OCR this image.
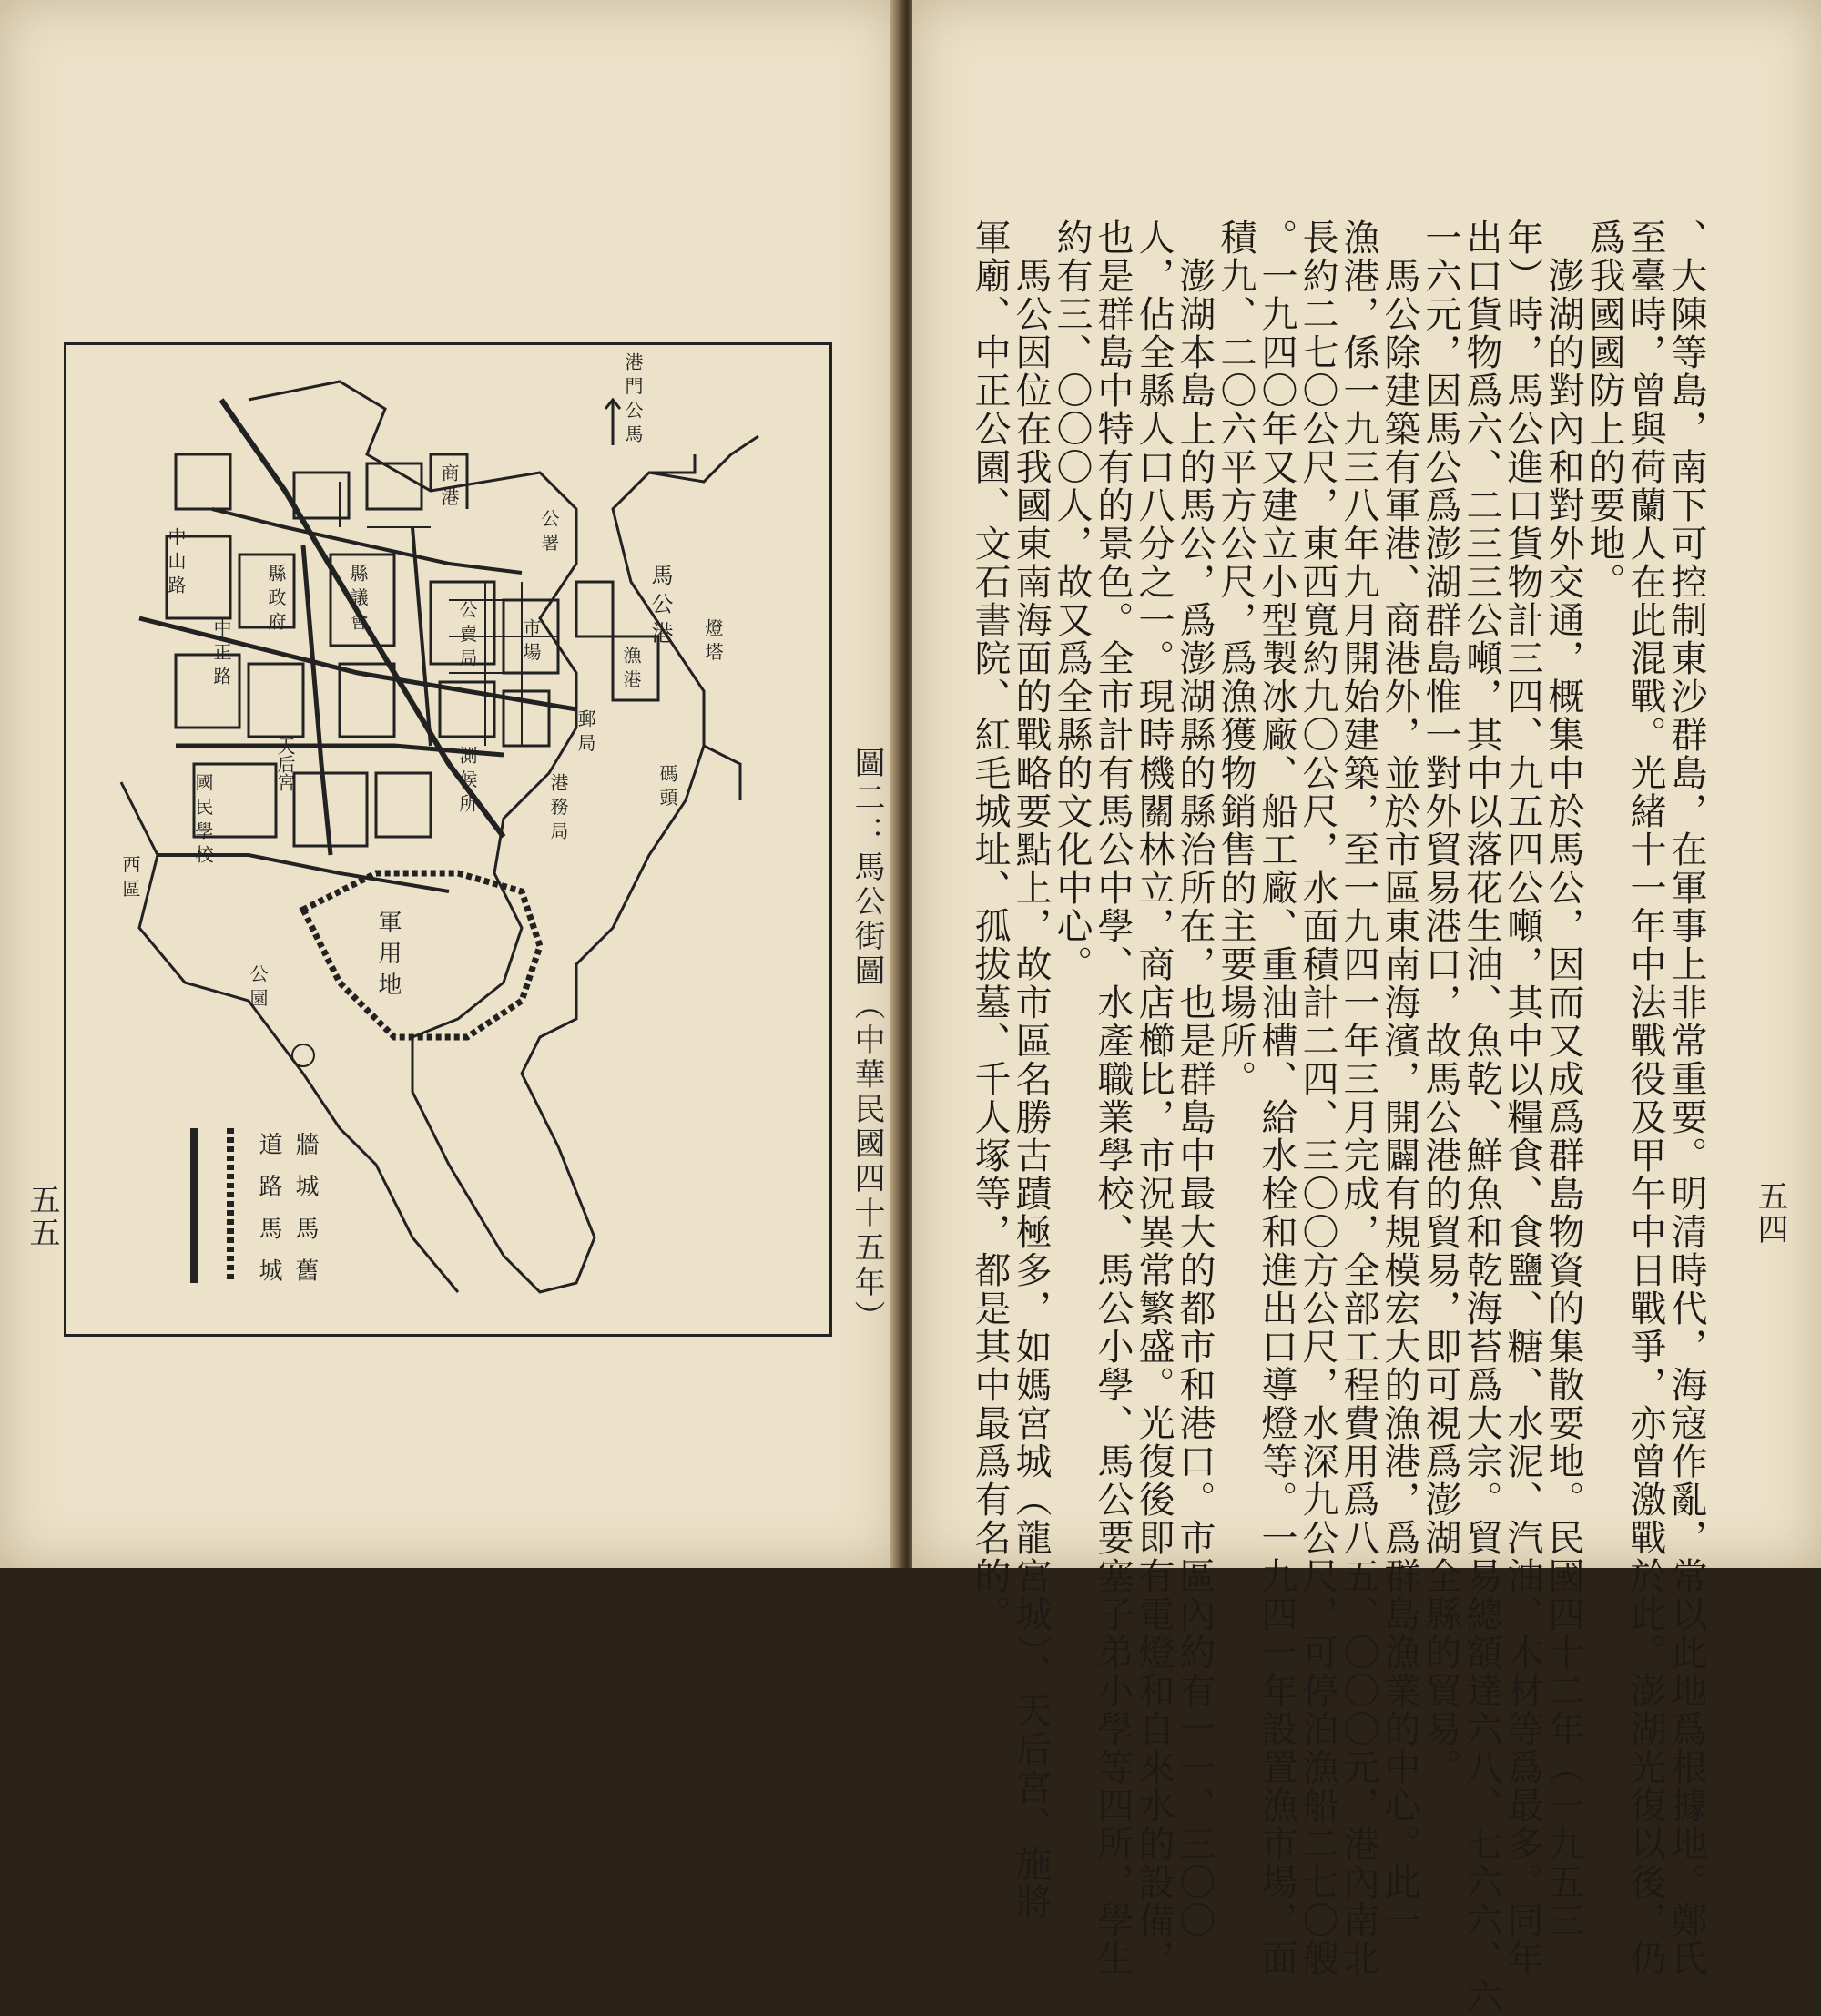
港 門 公 馬
公 署
軍 用 地
馬 公 港
天后宮
公 園
中 正 路
中 山 路
縣 政 府
公 賣 局
縣 議 會
郵 局
國 民 學 校
市 場
漁 港
測 候 所	碼 頭
燈 塔
港 務 局
商 港
西 區
道 路 馬 城 牆 城 馬 舊	圖二：馬公街圖（中華民國四十五年）
五五	五四
、大陳等島，南下可控制東沙群島，在軍事上非常重要。明清時代，海寇作亂，常以此地爲根據地。鄭氏
至臺時，曾與荷蘭人在此混戰。光緒十一年中法戰役及甲午中日戰爭，亦曾激戰於此。澎湖光復以後，仍
爲我國國防上的要地。
　澎湖的對內和對外交通，概集中於馬公，因而又成爲群島物資的集散要地。民國四十二年（一九五三
年）時，馬公進口貨物計三四、九五四公噸，其中以糧食、食鹽、糖、水泥、汽油、木材等爲最多。同年
出口貨物爲六、二三三公噸，其中以落花生油、魚乾、鮮魚和乾海苔爲大宗。貿易總額達六八、七六六、六
一六元，因馬公爲澎湖群島惟一對外貿易港口，故馬公港的貿易，即可視爲澎湖全縣的貿易。
　馬公除建築有軍港、商港外，並於市區東南海濱，開闢有規模宏大的漁港，爲群島漁業的中心。此一
漁港，係一九三八年九月開始建築，至一九四一年三月完成，全部工程費用爲八五、〇〇〇元，港內南北
長約二七〇公尺，東西寬約九〇公尺，水面積計二四、三〇〇方公尺，水深九公尺，可停泊漁船二七〇艘
。一九四〇年又建立小型製冰廠、船工廠、重油槽、給水栓和進出口導燈等。一九四一年設置漁市場，面
積九、二〇六平方公尺，爲漁獲物銷售的主要場所。
　澎湖本島上的馬公，爲澎湖縣的縣治所在，也是群島中最大的都市和港口。市區內約有一一、三〇〇
人，佔全縣人口八分之一。現時機關林立，商店櫛比，市況異常繁盛。光復後即有電燈和自來水的設備，
也是群島中特有的景色。全市計有馬公中學、水產職業學校、馬公小學、馬公要塞子弟小學等四所，學生
約有三、〇〇〇人，故又爲全縣的文化中心。
　馬公因位在我國東南海面的戰略要點上，故市區名勝古蹟極多，如媽宮城（龍宮城）、天后宮、施將
軍廟、中正公園、文石書院、紅毛城址、孤拔墓、千人塚等，都是其中最爲有名的。
